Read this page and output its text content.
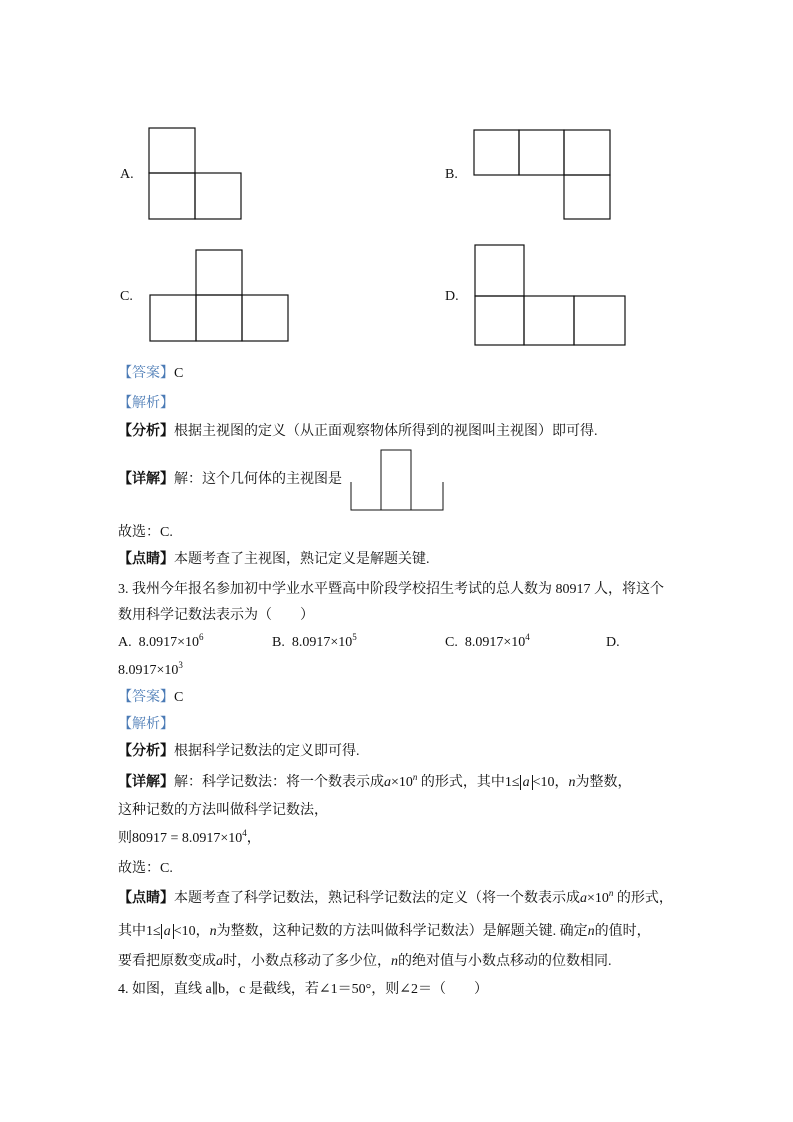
A.	B.
C.	D.
【答案】C
【解析】
【分析】根据主视图的定义（从正面观察物体所得到的视图叫主视图）即可得.
【详解】解：这个几何体的主视图是
故选：C.
【点睛】本题考查了主视图，熟记定义是解题关键.
3. 我州今年报名参加初中学业水平暨高中阶段学校招生考试的总人数为 80917 人，将这个
数用科学记数法表示为（　　）
A. $8.0917\times 10^6$	B. $8.0917\times 10^5$	C. $8.0917\times 10^4$	D.
$8.0917\times 10^3$
【答案】C
【解析】
【分析】根据科学记数法的定义即可得.
【详解】解：科学记数法：将一个数表示成$a\times 10^n$ 的形式，其中1≤ a <10，n为整数，
这种记数的方法叫做科学记数法，
则$80917 = 8.0917\times 10^4$，
故选：C.
【点睛】本题考查了科学记数法，熟记科学记数法的定义（将一个数表示成$a\times 10^n$ 的形式，
其中1≤ a <10，n为整数，这种记数的方法叫做科学记数法）是解题关键. 确定n的值时，
要看把原数变成a时，小数点移动了多少位，n的绝对值与小数点移动的位数相同.
4. 如图，直线 a∥b，c 是截线，若∠1＝50°，则∠2＝（　　）
